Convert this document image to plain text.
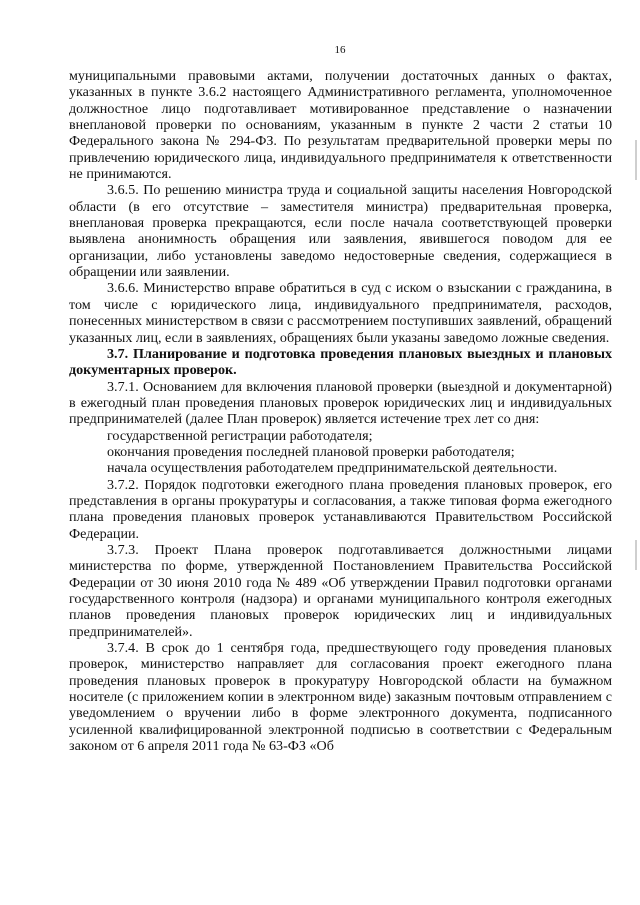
16

муниципальными правовыми актами, получении достаточных данных о фактах, указанных в пункте 3.6.2 настоящего Административного регламента, уполномоченное должностное лицо подготавливает мотивированное представление о назначении внеплановой проверки по основаниям, указанным в пункте 2 части 2 статьи 10 Федерального закона № 294-ФЗ. По результатам предварительной проверки меры по привлечению юридического лица, индивидуального предпринимателя к ответственности не принимаются.

3.6.5. По решению министра труда и социальной защиты населения Новгородской области (в его отсутствие – заместителя министра) предварительная проверка, внеплановая проверка прекращаются, если после начала соответствующей проверки выявлена анонимность обращения или заявления, явившегося поводом для ее организации, либо установлены заведомо недостоверные сведения, содержащиеся в обращении или заявлении.

3.6.6. Министерство вправе обратиться в суд с иском о взыскании с гражданина, в том числе с юридического лица, индивидуального предпринимателя, расходов, понесенных министерством в связи с рассмотрением поступивших заявлений, обращений указанных лиц, если в заявлениях, обращениях были указаны заведомо ложные сведения.

3.7. Планирование и подготовка проведения плановых выездных и плановых документарных проверок.

3.7.1. Основанием для включения плановой проверки (выездной и документарной) в ежегодный план проведения плановых проверок юридических лиц и индивидуальных предпринимателей (далее План проверок) является истечение трех лет со дня:

государственной регистрации работодателя;

окончания проведения последней плановой проверки работодателя;

начала осуществления работодателем предпринимательской деятельности.

3.7.2. Порядок подготовки ежегодного плана проведения плановых проверок, его представления в органы прокуратуры и согласования, а также типовая форма ежегодного плана проведения плановых проверок устанавливаются Правительством Российской Федерации.

3.7.3. Проект Плана проверок подготавливается должностными лицами министерства по форме, утвержденной Постановлением Правительства Российской Федерации от 30 июня 2010 года № 489 «Об утверждении Правил подготовки органами государственного контроля (надзора) и органами муниципального контроля ежегодных планов проведения плановых проверок юридических лиц и индивидуальных предпринимателей».

3.7.4. В срок до 1 сентября года, предшествующего году проведения плановых проверок, министерство направляет для согласования проект ежегодного плана проведения плановых проверок в прокуратуру Новгородской области на бумажном носителе (с приложением копии в электронном виде) заказным почтовым отправлением с уведомлением о вручении либо в форме электронного документа, подписанного усиленной квалифицированной электронной подписью в соответствии с Федеральным законом от 6 апреля 2011 года № 63-ФЗ «Об
